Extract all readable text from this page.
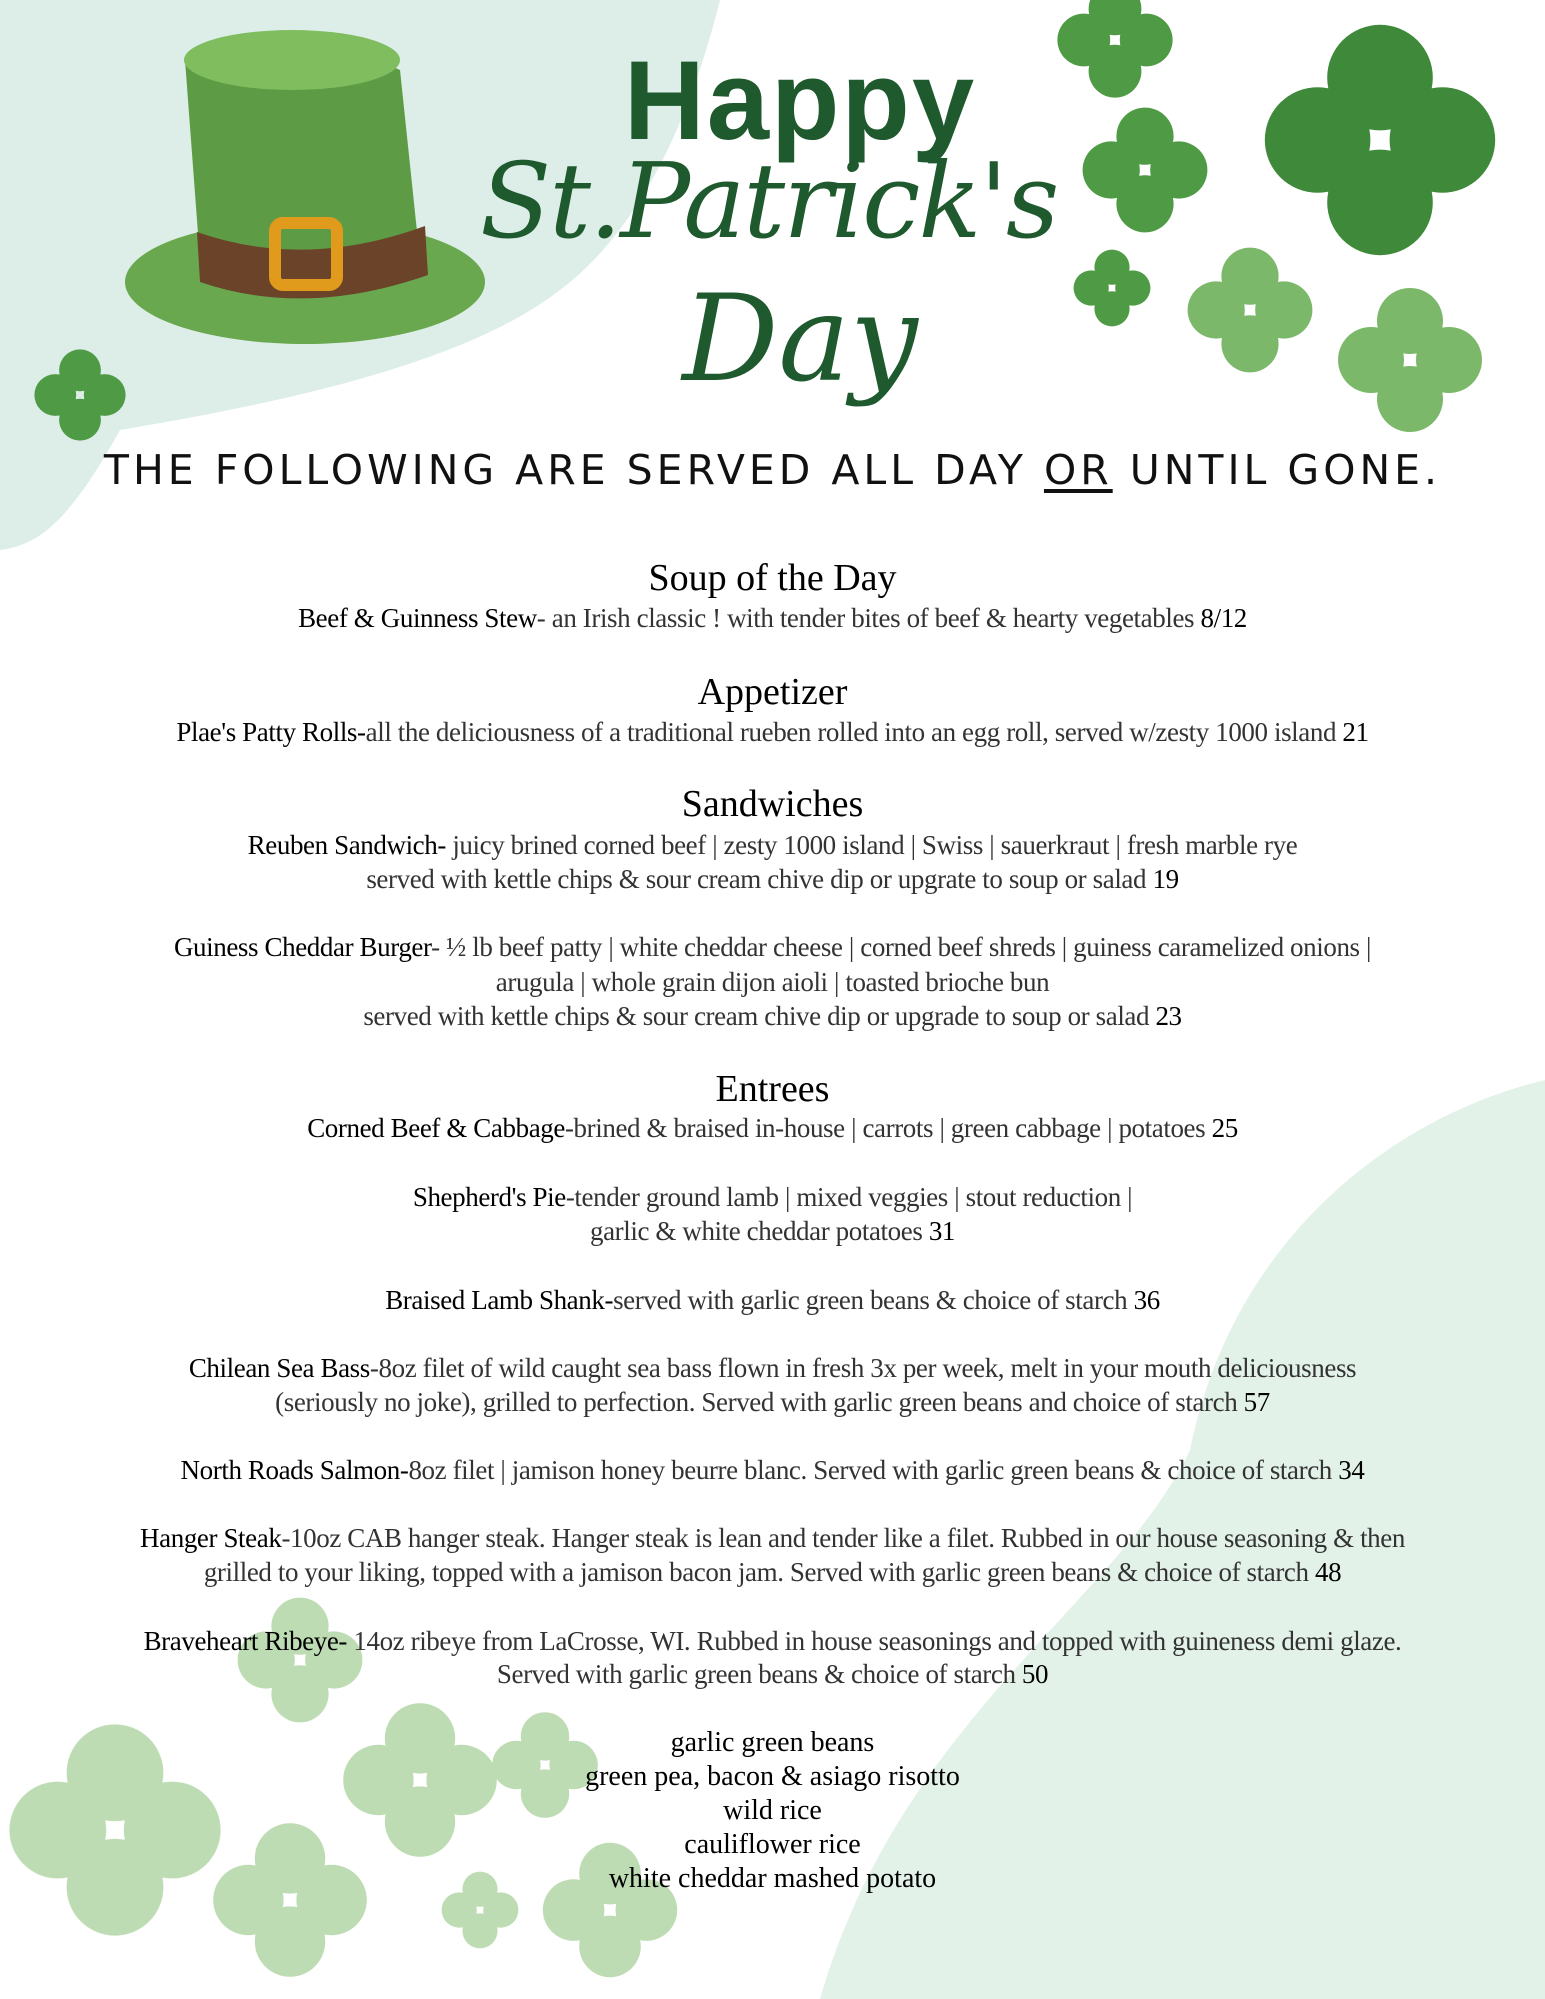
Happy
St.Patrick's
Day
THE FOLLOWING ARE SERVED ALL DAY OR UNTIL GONE.
Soup of the Day
Beef & Guinness Stew- an Irish classic ! with tender bites of beef & hearty vegetables 8/12
Appetizer
Plae's Patty Rolls-all the deliciousness of a traditional rueben rolled into an egg roll, served w/zesty 1000 island 21
Sandwiches
Reuben Sandwich- juicy brined corned beef | zesty 1000 island | Swiss | sauerkraut | fresh marble rye
served with kettle chips & sour cream chive dip or upgrate to soup or salad 19
Guiness Cheddar Burger- ½ lb beef patty | white cheddar cheese | corned beef shreds | guiness caramelized onions |
arugula | whole grain dijon aioli | toasted brioche bun
served with kettle chips & sour cream chive dip or upgrade to soup or salad 23
Entrees
Corned Beef & Cabbage-brined & braised in-house | carrots | green cabbage | potatoes 25
Shepherd's Pie-tender ground lamb | mixed veggies | stout reduction |
garlic & white cheddar potatoes 31
Braised Lamb Shank-served with garlic green beans & choice of starch 36
Chilean Sea Bass-8oz filet of wild caught sea bass flown in fresh 3x per week, melt in your mouth deliciousness
(seriously no joke), grilled to perfection. Served with garlic green beans and choice of starch 57
North Roads Salmon-8oz filet | jamison honey beurre blanc. Served with garlic green beans & choice of starch 34
Hanger Steak-10oz CAB hanger steak. Hanger steak is lean and tender like a filet. Rubbed in our house seasoning & then
grilled to your liking, topped with a jamison bacon jam. Served with garlic green beans & choice of starch 48
Braveheart Ribeye- 14oz ribeye from LaCrosse, WI. Rubbed in house seasonings and topped with guineness demi glaze.
Served with garlic green beans & choice of starch 50
garlic green beans
green pea, bacon & asiago risotto
wild rice
cauliflower rice
white cheddar mashed potato
